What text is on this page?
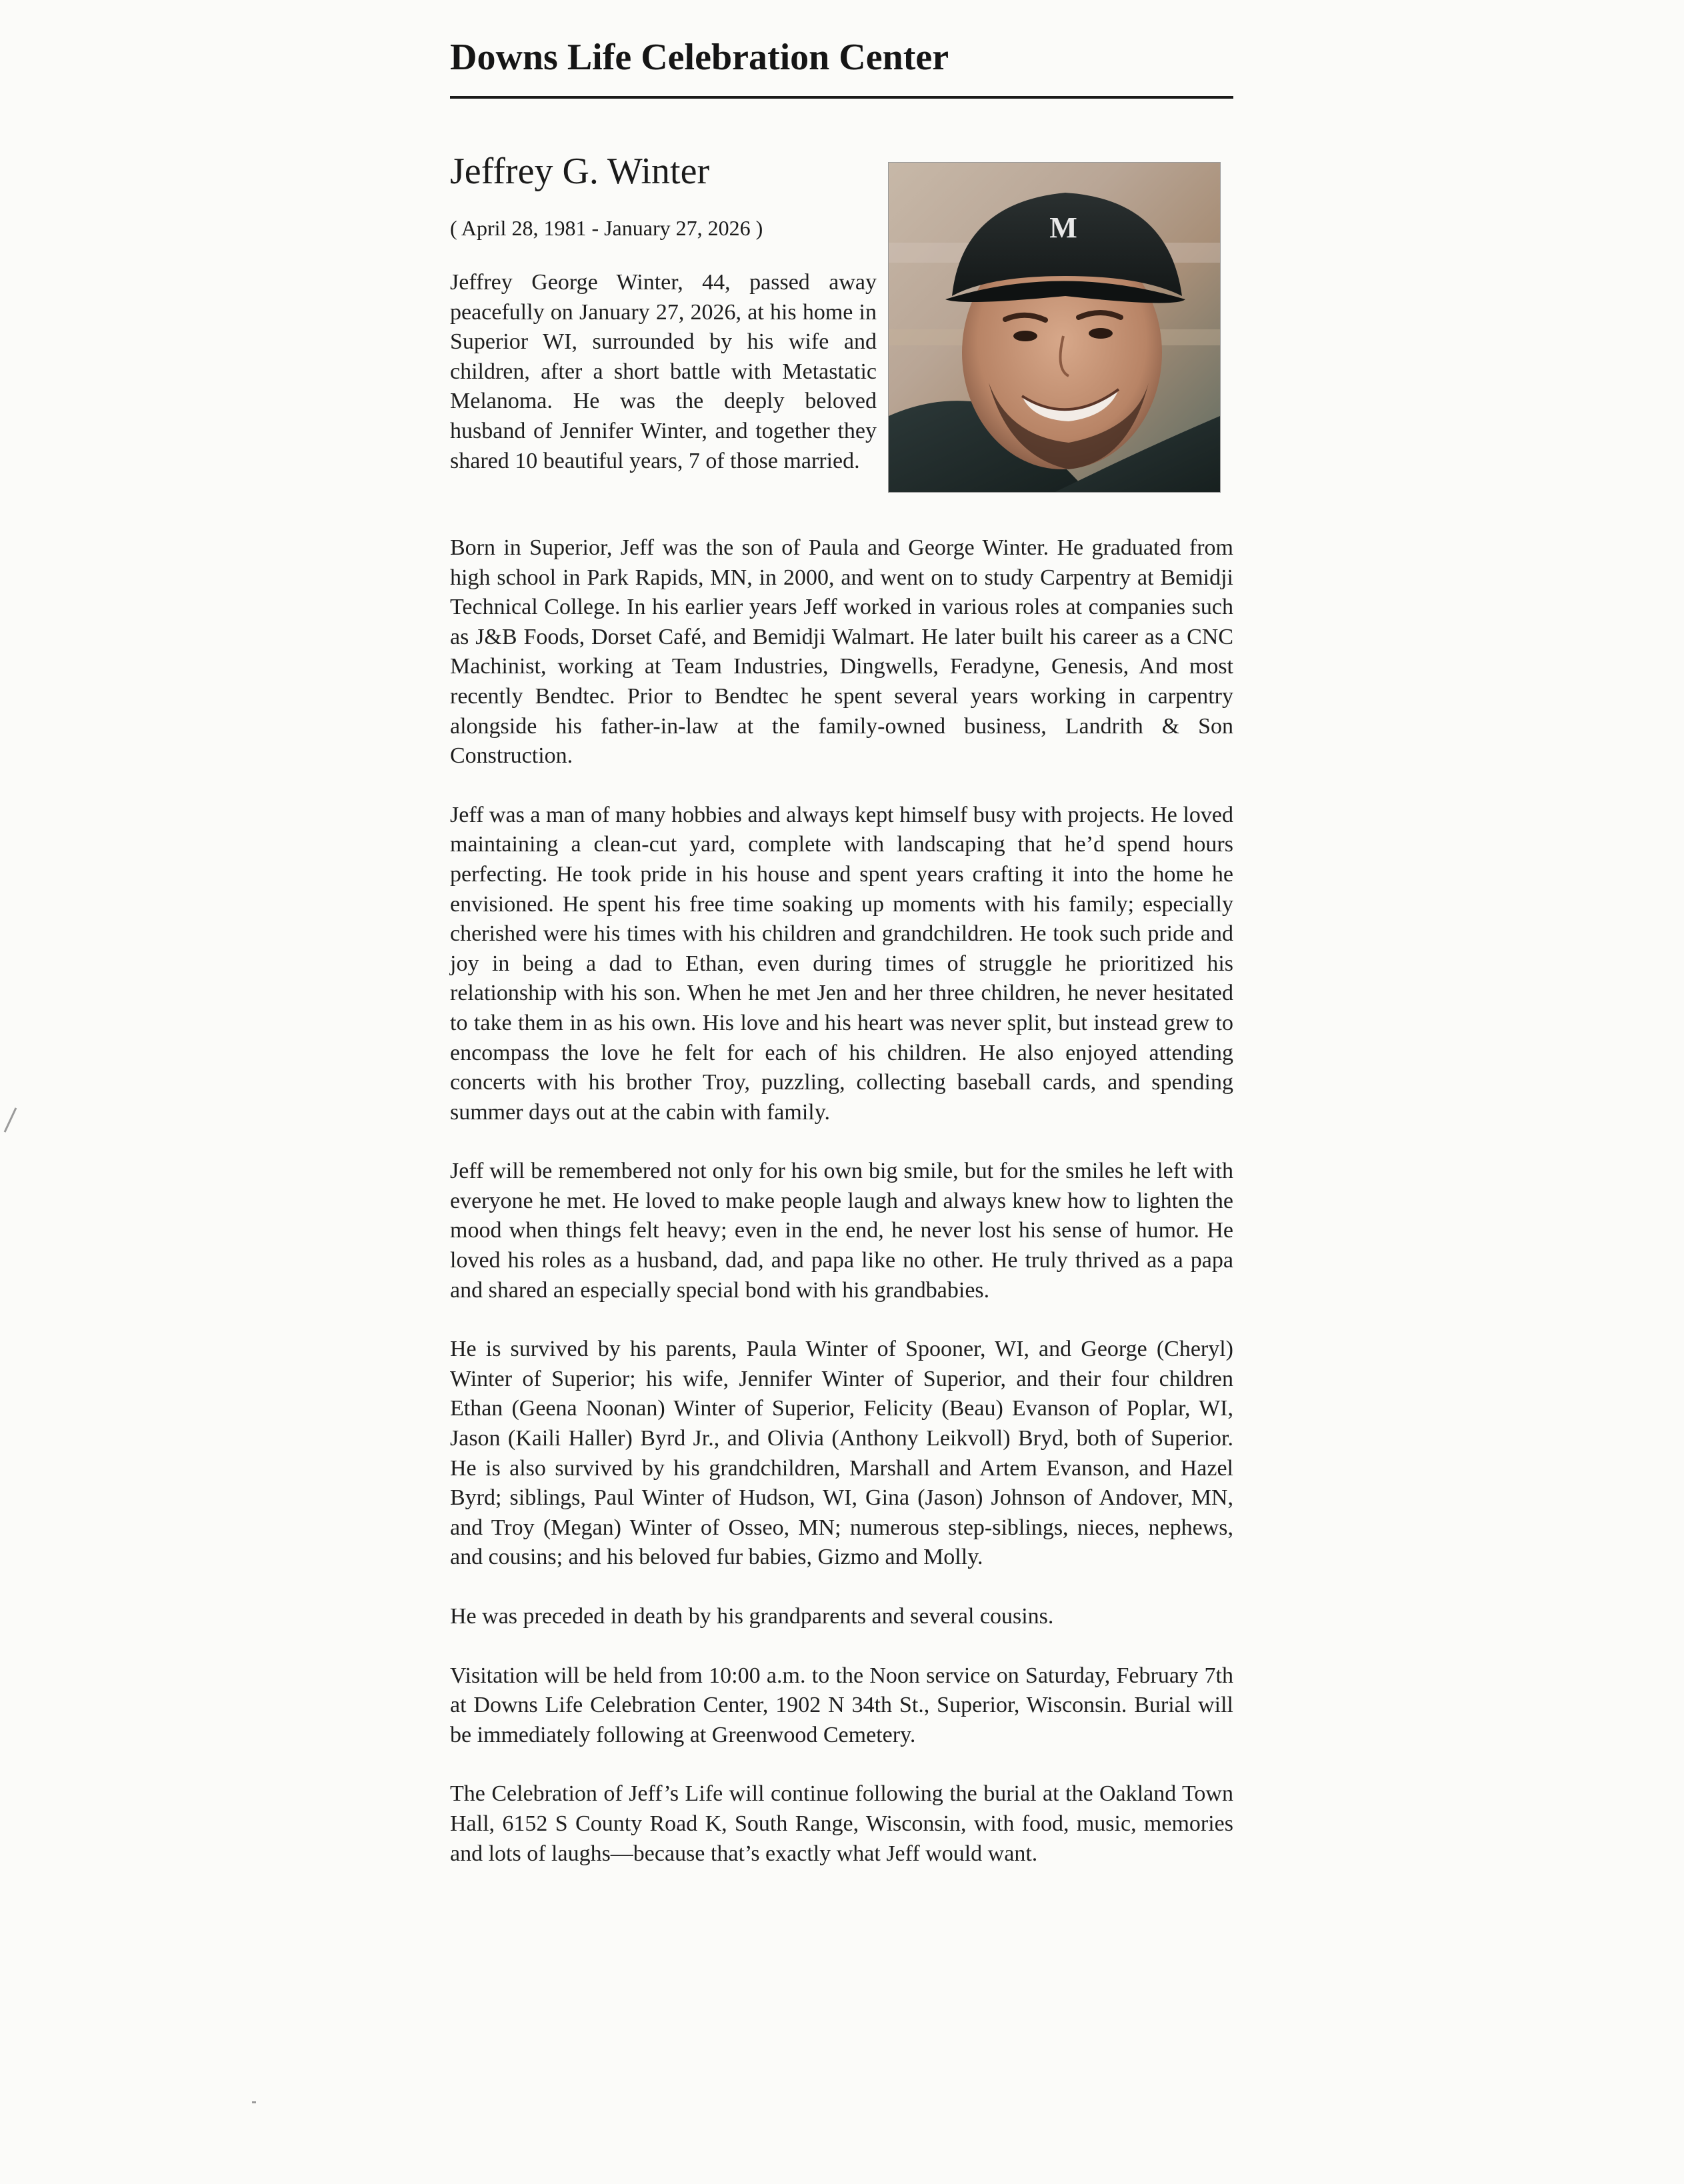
Downs Life Celebration Center
Jeffrey G. Winter
( April 28, 1981 - January 27, 2026 )	M

Jeffrey George Winter, 44, passed away peacefully on January 27, 2026, at his home in Superior WI, surrounded by his wife and children, after a short battle with Metastatic Melanoma. He was the deeply beloved husband of Jennifer Winter, and together they shared 10 beautiful years, 7 of those married.

Born in Superior, Jeff was the son of Paula and George Winter. He graduated from high school in Park Rapids, MN, in 2000, and went on to study Carpentry at Bemidji Technical College. In his earlier years Jeff worked in various roles at companies such as J&B Foods, Dorset Café, and Bemidji Walmart. He later built his career as a CNC Machinist, working at Team Industries, Dingwells, Feradyne, Genesis, And most recently Bendtec. Prior to Bendtec he spent several years working in carpentry alongside his father-in-law at the family-owned business, Landrith & Son Construction.

Jeff was a man of many hobbies and always kept himself busy with projects. He loved maintaining a clean-cut yard, complete with landscaping that he’d spend hours perfecting. He took pride in his house and spent years crafting it into the home he envisioned. He spent his free time soaking up moments with his family; especially cherished were his times with his children and grandchildren. He took such pride and joy in being a dad to Ethan, even during times of struggle he prioritized his relationship with his son. When he met Jen and her three children, he never hesitated to take them in as his own. His love and his heart was never split, but instead grew to encompass the love he felt for each of his children. He also enjoyed attending concerts with his brother Troy, puzzling, collecting baseball cards, and spending summer days out at the cabin with family.

Jeff will be remembered not only for his own big smile, but for the smiles he left with everyone he met. He loved to make people laugh and always knew how to lighten the mood when things felt heavy; even in the end, he never lost his sense of humor. He loved his roles as a husband, dad, and papa like no other. He truly thrived as a papa and shared an especially special bond with his grandbabies.

He is survived by his parents, Paula Winter of Spooner, WI, and George (Cheryl) Winter of Superior; his wife, Jennifer Winter of Superior, and their four children Ethan (Geena Noonan) Winter of Superior, Felicity (Beau) Evanson of Poplar, WI, Jason (Kaili Haller) Byrd Jr., and Olivia (Anthony Leikvoll) Bryd, both of Superior. He is also survived by his grandchildren, Marshall and Artem Evanson, and Hazel Byrd; siblings, Paul Winter of Hudson, WI, Gina (Jason) Johnson of Andover, MN, and Troy (Megan) Winter of Osseo, MN; numerous step-siblings, nieces, nephews, and cousins; and his beloved fur babies, Gizmo and Molly.

He was preceded in death by his grandparents and several cousins.

Visitation will be held from 10:00 a.m. to the Noon service on Saturday, February 7th at Downs Life Celebration Center, 1902 N 34th St., Superior, Wisconsin. Burial will be immediately following at Greenwood Cemetery.

The Celebration of Jeff’s Life will continue following the burial at the Oakland Town Hall, 6152 S County Road K, South Range, Wisconsin, with food, music, memories and lots of laughs—because that’s exactly what Jeff would want.
